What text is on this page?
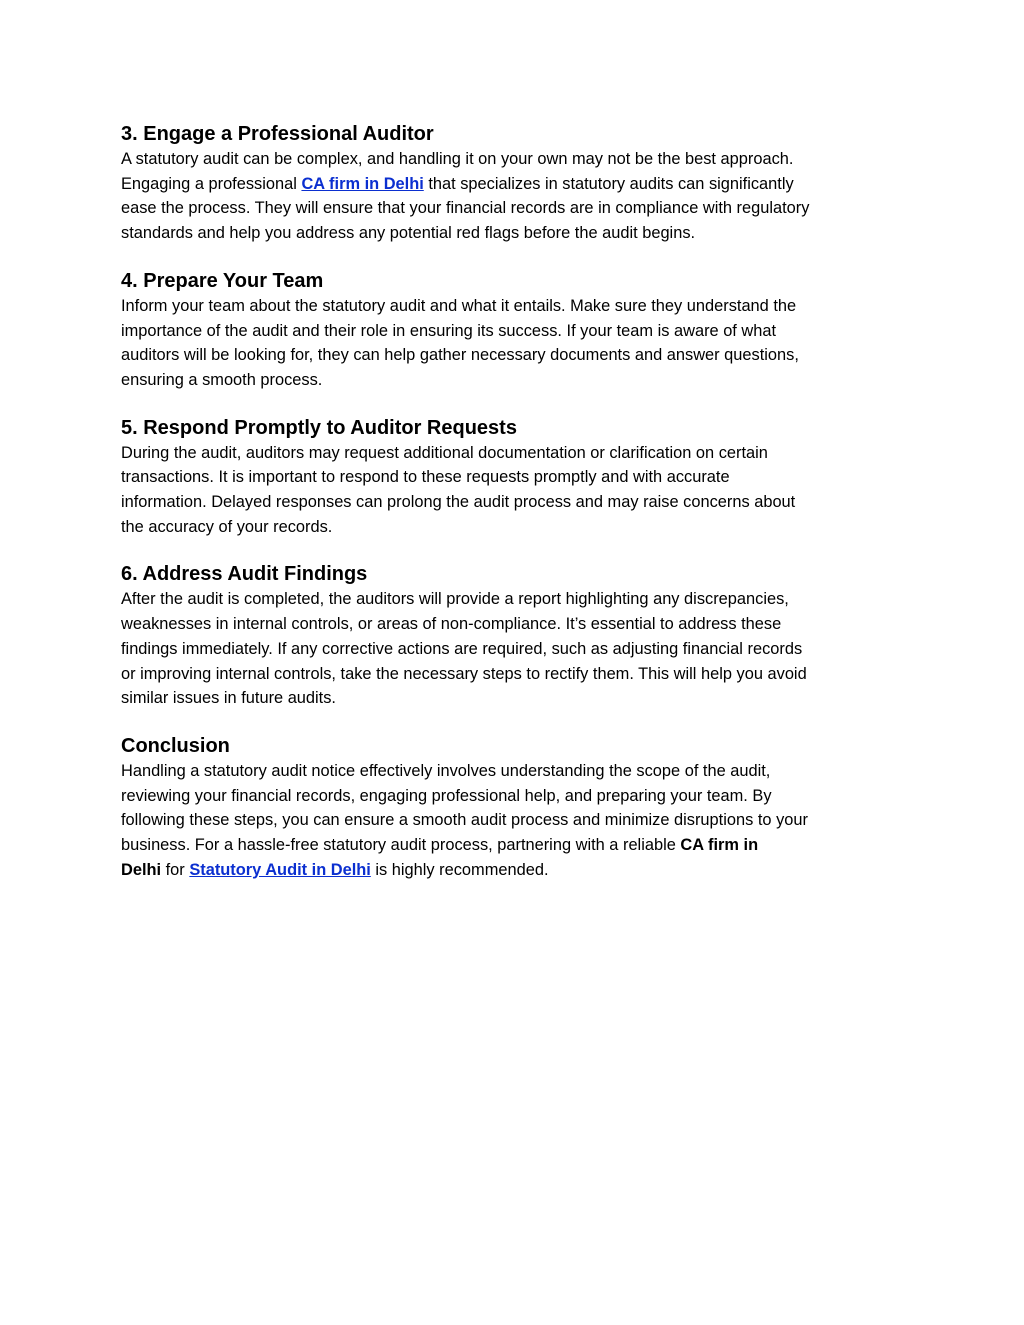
3. Engage a Professional Auditor

A statutory audit can be complex, and handling it on your own may not be the best approach.
Engaging a professional CA firm in Delhi that specializes in statutory audits can significantly
ease the process. They will ensure that your financial records are in compliance with regulatory
standards and help you address any potential red flags before the audit begins.

4. Prepare Your Team

Inform your team about the statutory audit and what it entails. Make sure they understand the
importance of the audit and their role in ensuring its success. If your team is aware of what
auditors will be looking for, they can help gather necessary documents and answer questions,
ensuring a smooth process.

5. Respond Promptly to Auditor Requests

During the audit, auditors may request additional documentation or clarification on certain
transactions. It is important to respond to these requests promptly and with accurate
information. Delayed responses can prolong the audit process and may raise concerns about
the accuracy of your records.

6. Address Audit Findings

After the audit is completed, the auditors will provide a report highlighting any discrepancies,
weaknesses in internal controls, or areas of non-compliance. It’s essential to address these
findings immediately. If any corrective actions are required, such as adjusting financial records
or improving internal controls, take the necessary steps to rectify them. This will help you avoid
similar issues in future audits.

Conclusion

Handling a statutory audit notice effectively involves understanding the scope of the audit,
reviewing your financial records, engaging professional help, and preparing your team. By
following these steps, you can ensure a smooth audit process and minimize disruptions to your
business. For a hassle-free statutory audit process, partnering with a reliable CA firm in
Delhi for Statutory Audit in Delhi is highly recommended.
